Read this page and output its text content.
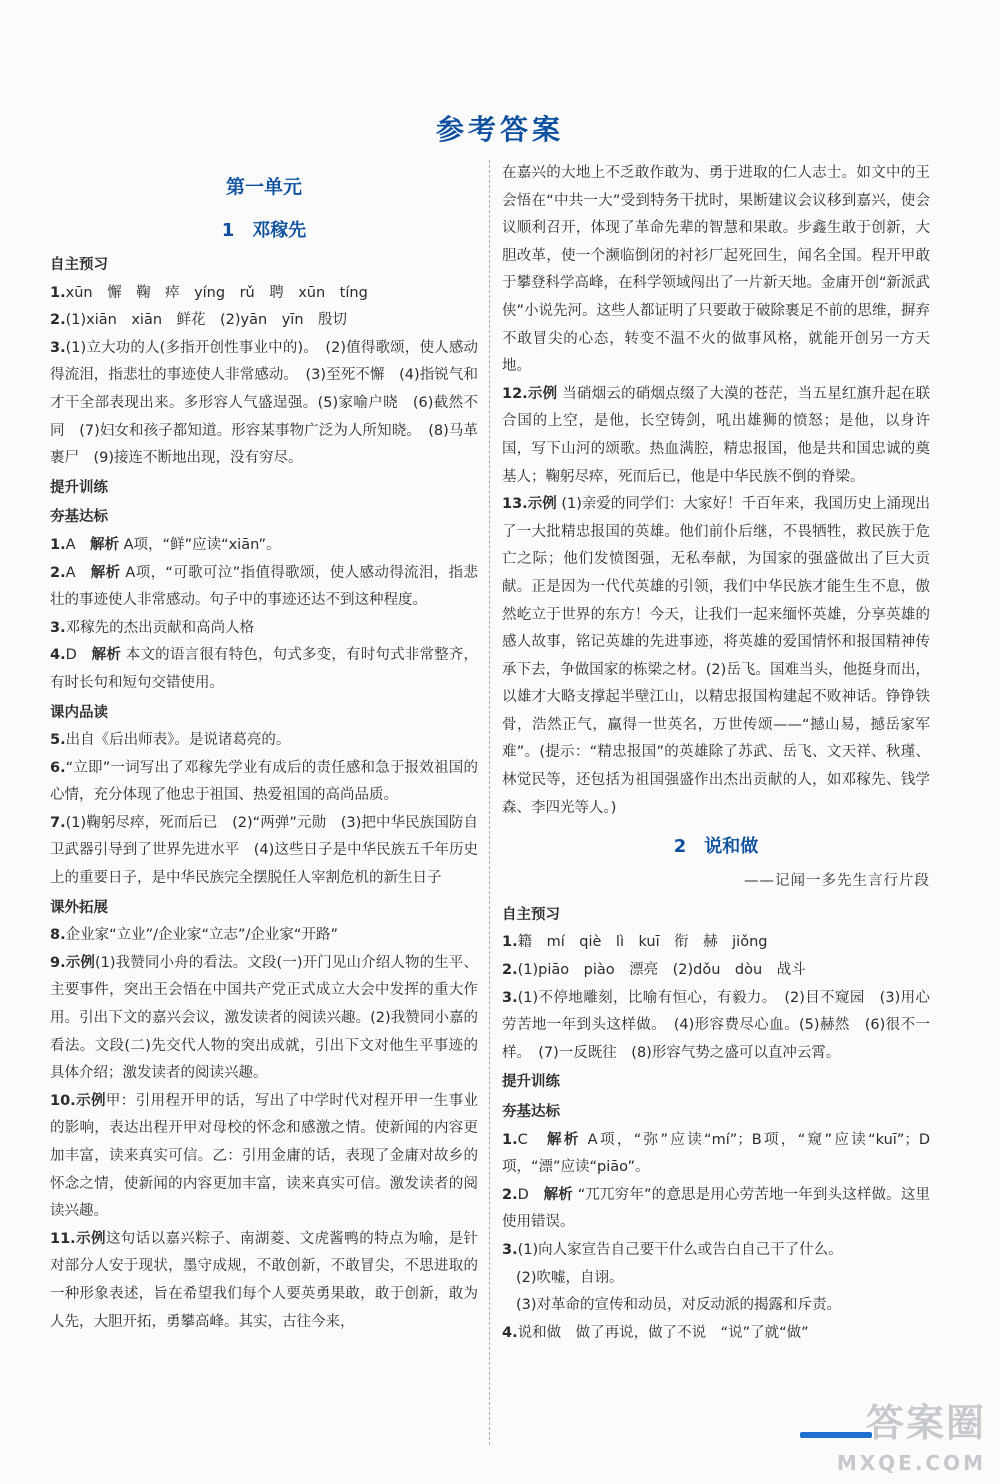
参考答案
第一单元
1　邓稼先
自主预习
1.xūn　懈　鞠　瘁　yíng　rǔ　聘　xūn　tíng
2.(1)xiān　xiān　鲜花　(2)yān　yīn　殷切
3.(1)立大功的人(多指开创性事业中的)。　(2)值得歌颂，使人感动得流泪，指悲壮的事迹使人非常感动。　(3)至死不懈　(4)指锐气和才干全部表现出来。多形容人气盛逞强。(5)家喻户晓　(6)截然不同　(7)妇女和孩子都知道。形容某事物广泛为人所知晓。　(8)马革裹尸　(9)接连不断地出现，没有穷尽。
提升训练
夯基达标
1.A　解析 A项，“鲜”应读“xiān”。
2.A　解析 A项，“可歌可泣”指值得歌颂，使人感动得流泪，指悲壮的事迹使人非常感动。句子中的事迹还达不到这种程度。
3.邓稼先的杰出贡献和高尚人格
4.D　解析 本文的语言很有特色，句式多变，有时句式非常整齐，有时长句和短句交错使用。
课内品读
5.出自《后出师表》。是说诸葛亮的。
6.“立即”一词写出了邓稼先学业有成后的责任感和急于报效祖国的心情，充分体现了他忠于祖国、热爱祖国的高尚品质。
7.(1)鞠躬尽瘁，死而后已　(2)“两弹”元勋　(3)把中华民族国防自卫武器引导到了世界先进水平　(4)这些日子是中华民族五千年历史上的重要日子，是中华民族完全摆脱任人宰割危机的新生日子
课外拓展
8.企业家“立业”/企业家“立志”/企业家“开路”
9.示例(1)我赞同小舟的看法。文段(一)开门见山介绍人物的生平、主要事件，突出王会悟在中国共产党正式成立大会中发挥的重大作用。引出下文的嘉兴会议，激发读者的阅读兴趣。(2)我赞同小嘉的看法。文段(二)先交代人物的突出成就，引出下文对他生平事迹的具体介绍；激发读者的阅读兴趣。
10.示例甲：引用程开甲的话，写出了中学时代对程开甲一生事业的影响，表达出程开甲对母校的怀念和感激之情。使新闻的内容更加丰富，读来真实可信。乙：引用金庸的话，表现了金庸对故乡的怀念之情，使新闻的内容更加丰富，读来真实可信。激发读者的阅读兴趣。
11.示例这句话以嘉兴粽子、南湖菱、文虎酱鸭的特点为喻，是针对部分人安于现状，墨守成规，不敢创新，不敢冒尖，不思进取的一种形象表述，旨在希望我们每个人要英勇果敢，敢于创新，敢为人先，大胆开拓，勇攀高峰。其实，古往今来，
在嘉兴的大地上不乏敢作敢为、勇于进取的仁人志士。如文中的王会悟在“中共一大”受到特务干扰时，果断建议会议移到嘉兴，使会议顺利召开，体现了革命先辈的智慧和果敢。步鑫生敢于创新，大胆改革，使一个濒临倒闭的衬衫厂起死回生，闻名全国。程开甲敢于攀登科学高峰，在科学领域闯出了一片新天地。金庸开创“新派武侠”小说先河。这些人都证明了只要敢于破除裹足不前的思维，摒弃不敢冒尖的心态，转变不温不火的做事风格，就能开创另一方天地。
12.示例 当硝烟云的硝烟点缀了大漠的苍茫，当五星红旗升起在联合国的上空，是他，长空铸剑，吼出雄狮的愤怒；是他，以身许国，写下山河的颂歌。热血满腔，精忠报国，他是共和国忠诚的奠基人；鞠躬尽瘁，死而后已，他是中华民族不倒的脊梁。
13.示例 (1)亲爱的同学们：大家好！千百年来，我国历史上涌现出了一大批精忠报国的英雄。他们前仆后继，不畏牺牲，救民族于危亡之际；他们发愤图强，无私奉献，为国家的强盛做出了巨大贡献。正是因为一代代英雄的引领，我们中华民族才能生生不息，傲然屹立于世界的东方！今天，让我们一起来缅怀英雄，分享英雄的感人故事，铭记英雄的先进事迹，将英雄的爱国情怀和报国精神传承下去，争做国家的栋梁之材。(2)岳飞。国难当头，他挺身而出，以雄才大略支撑起半壁江山，以精忠报国构建起不败神话。铮铮铁骨，浩然正气，赢得一世英名，万世传颂——“撼山易，撼岳家军难”。(提示：“精忠报国”的英雄除了苏武、岳飞、文天祥、秋瑾、林觉民等，还包括为祖国强盛作出杰出贡献的人，如邓稼先、钱学森、李四光等人。)
2　说和做
——记闻一多先生言行片段
自主预习
1.籍　mí　qiè　lì　kuī　衔　赫　jiǒng
2.(1)piāo　piào　漂亮　(2)dǒu　dòu　战斗
3.(1)不停地雕刻，比喻有恒心，有毅力。　(2)目不窥园　(3)用心劳苦地一年到头这样做。　(4)形容费尽心血。(5)赫然　(6)很不一样。　(7)一反既往　(8)形容气势之盛可以直冲云霄。
提升训练
夯基达标
1.C　解析 A项，“弥”应读“mí”；B项，“窥”应读“kuī”；D项，“漂”应读“piāo”。
2.D　解析 “兀兀穷年”的意思是用心劳苦地一年到头这样做。这里使用错误。
3.(1)向人家宣告自己要干什么或告白自己干了什么。
(2)吹嘘，自诩。
(3)对革命的宣传和动员，对反动派的揭露和斥责。
4.说和做　做了再说，做了不说　“说”了就“做”
答案圈
MXQE.COM
